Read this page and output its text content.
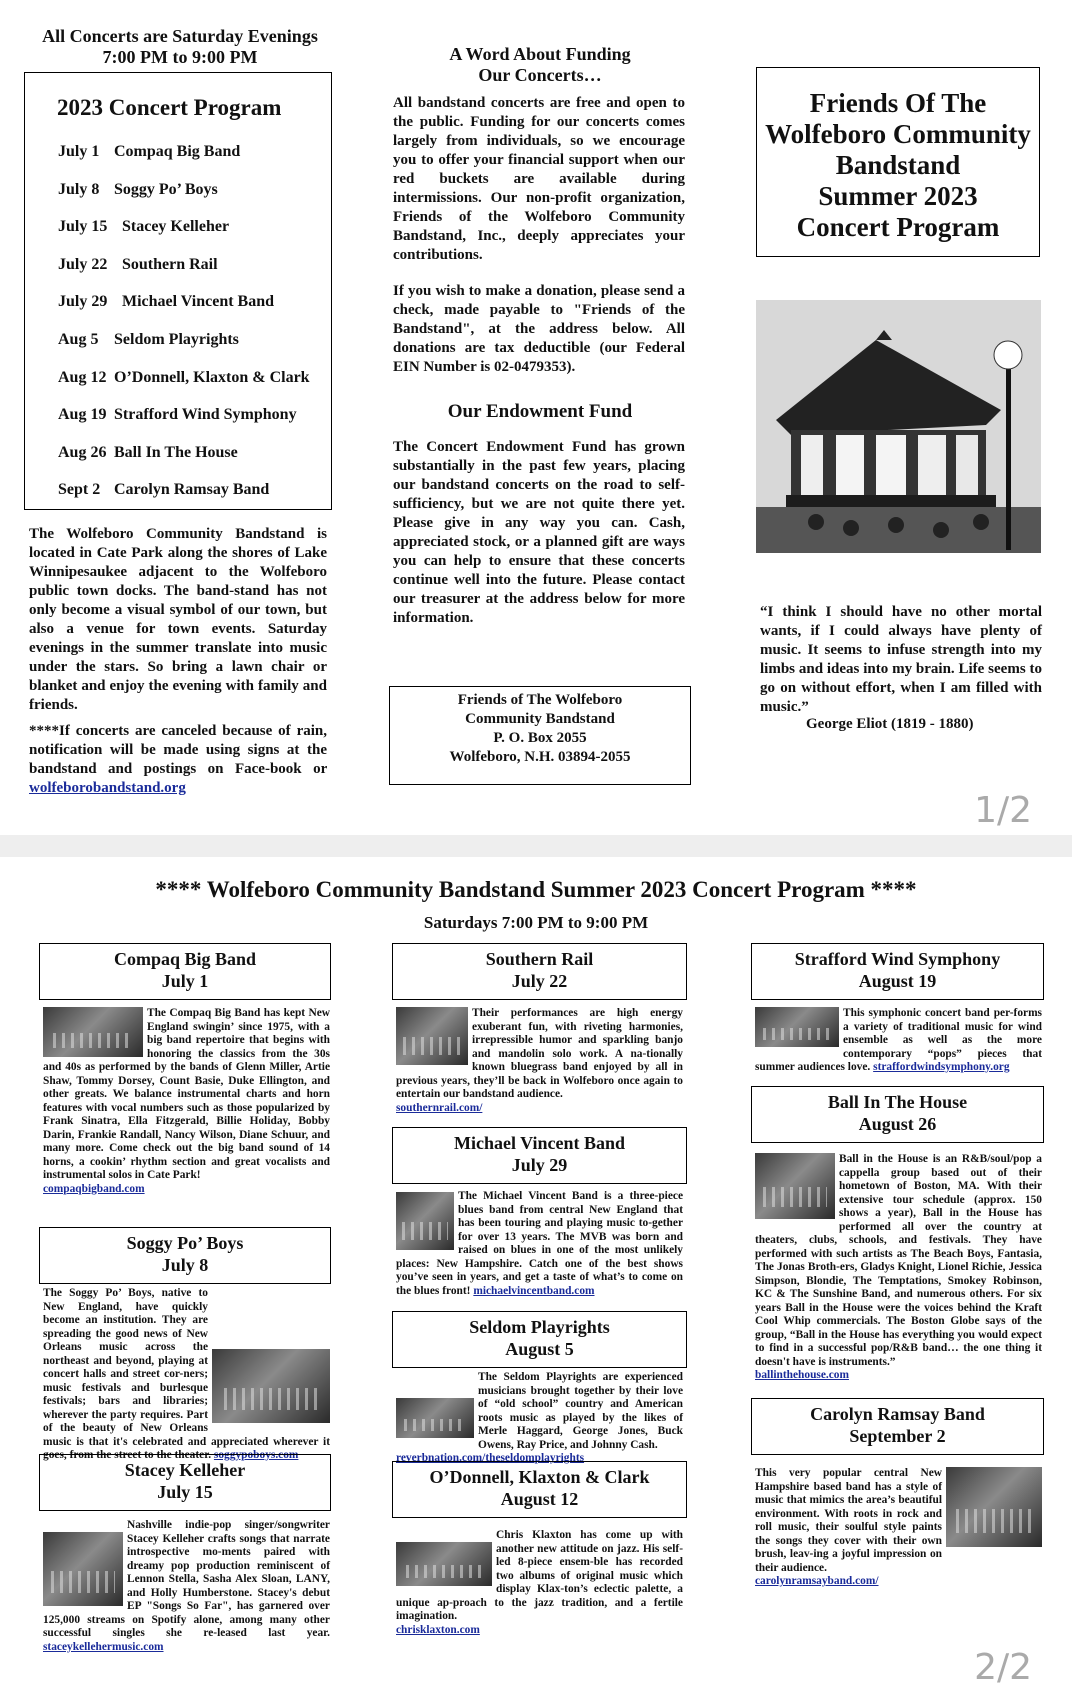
All Concerts are Saturday Evenings
7:00 PM to 9:00 PM
2023 Concert Program
July 1 Compaq Big Band
July 8 Soggy Po’ Boys
July 15 Stacey Kelleher
July 22 Southern Rail
July 29 Michael Vincent Band
Aug 5 Seldom Playrights
Aug 12 O’Donnell, Klaxton & Clark
Aug 19 Strafford Wind Symphony
Aug 26 Ball In The House
Sept 2 Carolyn Ramsay Band
The Wolfeboro Community Bandstand is located in Cate Park along the shores of Lake Winnipesaukee adjacent to the Wolfeboro public town docks. The band-stand has not only become a visual symbol of our town, but also a venue for town events. Saturday evenings in the summer translate into music under the stars. So bring a lawn chair or blanket and enjoy the evening with family and friends.
****If concerts are canceled because of rain, notification will be made using signs at the bandstand and postings on Face-book or wolfeborobandstand.org
A Word About Funding
Our Concerts…
All bandstand concerts are free and open to the public. Funding for our concerts comes largely from individuals, so we encourage you to offer your financial support when our red buckets are available during intermissions. Our non-profit organization, Friends of the Wolfeboro Community Bandstand, Inc., deeply appreciates your contributions.
If you wish to make a donation, please send a check, made payable to "Friends of the Bandstand", at the address below. All donations are tax deductible (our Federal EIN Number is 02-0479353).
Our Endowment Fund
The Concert Endowment Fund has grown substantially in the past few years, placing our bandstand concerts on the road to self-sufficiency, but we are not quite there yet. Please give in any way you can. Cash, appreciated stock, or a planned gift are ways you can help to ensure that these concerts continue well into the future. Please contact our treasurer at the address below for more information.
Friends of The Wolfeboro
Community Bandstand
P. O. Box 2055
Wolfeboro, N.H. 03894-2055
Friends Of The
Wolfeboro Community
Bandstand
Summer 2023
Concert Program
“I think I should have no other mortal wants, if I could always have plenty of music. It seems to infuse strength into my limbs and ideas into my brain. Life seems to go on without effort, when I am filled with music.”
George Eliot (1819 - 1880)
1/2
**** Wolfeboro Community Bandstand Summer 2023 Concert Program ****
Saturdays 7:00 PM to 9:00 PM
Compaq Big Band
July 1
The Compaq Big Band has kept New England swingin’ since 1975, with a big band repertoire that begins with honoring the classics from the 30s and 40s as performed by the bands of Glenn Miller, Artie Shaw, Tommy Dorsey, Count Basie, Duke Ellington, and other greats. We balance instrumental charts and horn features with vocal numbers such as those popularized by Frank Sinatra, Ella Fitzgerald, Billie Holiday, Bobby Darin, Frankie Randall, Nancy Wilson, Diane Schuur, and many more. Come check out the big band sound of 14 horns, a cookin’ rhythm section and great vocalists and instrumental solos in Cate Park!
compaqbigband.com
Soggy Po’ Boys
July 8
The Soggy Po’ Boys, native to New England, have quickly become an institution. They are spreading the good news of New Orleans music across the northeast and beyond, playing at concert halls and street cor-ners; music festivals and burlesque festivals; bars and libraries; wherever the party requires. Part of the beauty of New Orleans music is that it's celebrated and appreciated wherever it goes, from the street to the theater. soggypoboys.com
Stacey Kelleher
July 15
Nashville indie-pop singer/songwriter Stacey Kelleher crafts songs that narrate introspective mo-ments paired with dreamy pop production reminiscent of Lennon Stella, Sasha Alex Sloan, LANY, and Holly Humberstone. Stacey's debut EP "Songs So Far", has garnered over 125,000 streams on Spotify alone, among many other successful singles she re-leased last year. staceykellehermusic.com
Southern Rail
July 22
Their performances are high energy exuberant fun, with riveting harmonies, irrepressible humor and sparkling banjo and mandolin solo work. A na-tionally known bluegrass band enjoyed by all in previous years, they’ll be back in Wolfeboro once again to entertain our bandstand audience.
southernrail.com/
Michael Vincent Band
July 29
The Michael Vincent Band is a three-piece blues band from central New England that has been touring and playing music to-gether for over 13 years. The MVB was born and raised on blues in one of the most unlikely places: New Hampshire. Catch one of the best shows you’ve seen in years, and get a taste of what’s to come on the blues front! michaelvincentband.com
Seldom Playrights
August 5
The Seldom Playrights are experienced musicians brought together by their love of “old school” country and American roots music as played by the likes of Merle Haggard, George Jones, Buck Owens, Ray Price, and Johnny Cash.
reverbnation.com/theseldomplayrights
O’Donnell, Klaxton & Clark
August 12
Chris Klaxton has come up with another new attitude on jazz. His self-led 8-piece ensem-ble has recorded two albums of original music which display Klax-ton’s eclectic palette, a unique ap-proach to the jazz tradition, and a fertile imagination.
chrisklaxton.com
Strafford Wind Symphony
August 19
This symphonic concert band per-forms a variety of traditional music for wind ensemble as well as the more contemporary “pops” pieces that summer audiences love. straffordwindsymphony.org
Ball In The House
August 26
Ball in the House is an R&B/soul/pop a cappella group based out of their hometown of Boston, MA. With their extensive tour schedule (approx. 150 shows a year), Ball in the House has performed all over the country at theaters, clubs, schools, and festivals. They have performed with such artists as The Beach Boys, Fantasia, The Jonas Broth-ers, Gladys Knight, Lionel Richie, Jessica Simpson, Blondie, The Temptations, Smokey Robinson, KC & The Sunshine Band, and numerous others. For six years Ball in the House were the voices behind the Kraft Cool Whip commercials. The Boston Globe says of the group, “Ball in the House has everything you would expect to find in a successful pop/R&B band… the one thing it doesn't have is instruments.”
ballinthehouse.com
Carolyn Ramsay Band
September 2
This very popular central New Hampshire based band has a style of music that mimics the area’s beautiful environment. With roots in rock and roll music, their soulful style paints the songs they cover with their own brush, leav-ing a joyful impression on their audience.
carolynramsayband.com/
2/2
